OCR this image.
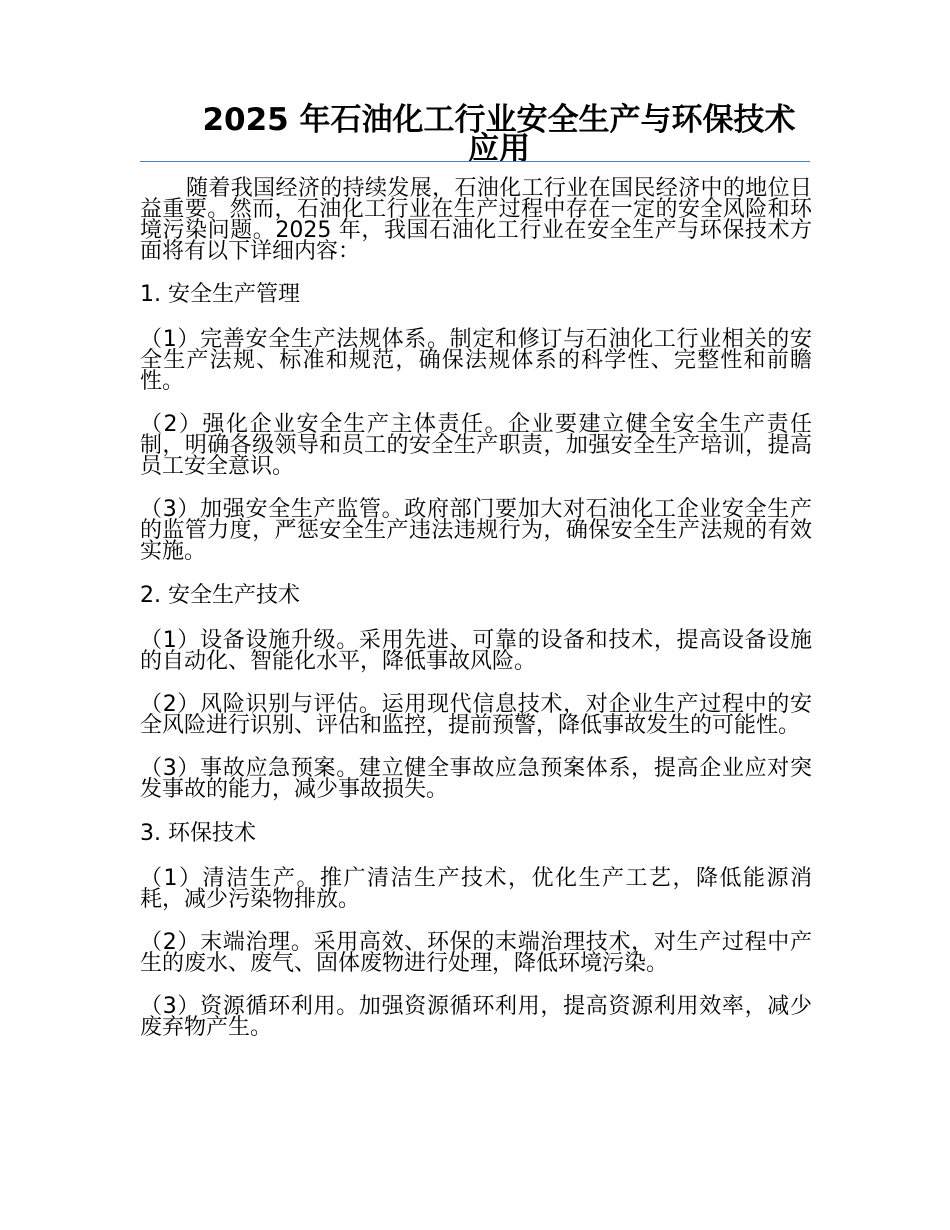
2025 年石油化工行业安全生产与环保技术应用

随着我国经济的持续发展，石油化工行业在国民经济中的地位日益重要。然而，石油化工行业在生产过程中存在一定的安全风险和环境污染问题。2025 年，我国石油化工行业在安全生产与环保技术方面将有以下详细内容：

1. 安全生产管理

（1）完善安全生产法规体系。制定和修订与石油化工行业相关的安全生产法规、标准和规范，确保法规体系的科学性、完整性和前瞻性。

（2）强化企业安全生产主体责任。企业要建立健全安全生产责任制，明确各级领导和员工的安全生产职责，加强安全生产培训，提高员工安全意识。

（3）加强安全生产监管。政府部门要加大对石油化工企业安全生产的监管力度，严惩安全生产违法违规行为，确保安全生产法规的有效实施。

2. 安全生产技术

（1）设备设施升级。采用先进、可靠的设备和技术，提高设备设施的自动化、智能化水平，降低事故风险。

（2）风险识别与评估。运用现代信息技术，对企业生产过程中的安全风险进行识别、评估和监控，提前预警，降低事故发生的可能性。

（3）事故应急预案。建立健全事故应急预案体系，提高企业应对突发事故的能力，减少事故损失。

3. 环保技术

（1）清洁生产。推广清洁生产技术，优化生产工艺，降低能源消耗，减少污染物排放。

（2）末端治理。采用高效、环保的末端治理技术，对生产过程中产生的废水、废气、固体废物进行处理，降低环境污染。

（3）资源循环利用。加强资源循环利用，提高资源利用效率，减少废弃物产生。
